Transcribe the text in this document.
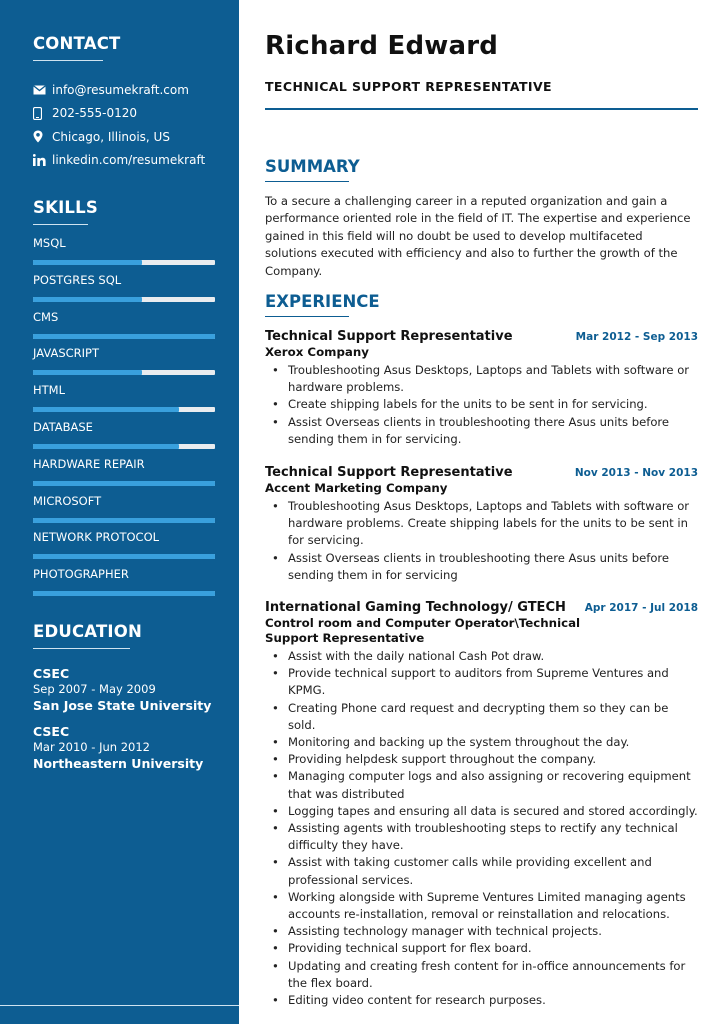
CONTACT
info@resumekraft.com
202-555-0120
Chicago, Illinois, US
linkedin.com/resumekraft
SKILLS
MSQL
POSTGRES SQL
CMS
JAVASCRIPT
HTML
DATABASE
HARDWARE REPAIR
MICROSOFT
NETWORK PROTOCOL
PHOTOGRAPHER
EDUCATION
CSEC
Sep 2007 - May 2009
San Jose State University
CSEC
Mar 2010 - Jun 2012
Northeastern University
Richard Edward
TECHNICAL SUPPORT REPRESENTATIVE
SUMMARY
To a secure a challenging career in a reputed organization and gain a performance oriented role in the field of IT. The expertise and experience gained in this field will no doubt be used to develop multifaceted solutions executed with efficiency and also to further the growth of the Company.
EXPERIENCE
Technical Support Representative	Mar 2012 - Sep 2013
Xerox Company
• Troubleshooting Asus Desktops, Laptops and Tablets with software or hardware problems.
• Create shipping labels for the units to be sent in for servicing.
• Assist Overseas clients in troubleshooting there Asus units before sending them in for servicing.
Technical Support Representative	Nov 2013 - Nov 2013
Accent Marketing Company
• Troubleshooting Asus Desktops, Laptops and Tablets with software or hardware problems. Create shipping labels for the units to be sent in for servicing.
• Assist Overseas clients in troubleshooting there Asus units before sending them in for servicing
International Gaming Technology/ GTECH Apr 2017 - Jul 2018
Control room and Computer Operator\Technical Support Representative
• Assist with the daily national Cash Pot draw.
• Provide technical support to auditors from Supreme Ventures and KPMG.
• Creating Phone card request and decrypting them so they can be sold.
• Monitoring and backing up the system throughout the day.
• Providing helpdesk support throughout the company.
• Managing computer logs and also assigning or recovering equipment that was distributed
• Logging tapes and ensuring all data is secured and stored accordingly.
• Assisting agents with troubleshooting steps to rectify any technical difficulty they have.
• Assist with taking customer calls while providing excellent and professional services.
• Working alongside with Supreme Ventures Limited managing agents accounts re-installation, removal or reinstallation and relocations.
• Assisting technology manager with technical projects.
• Providing technical support for flex board.
• Updating and creating fresh content for in-office announcements for the flex board.
• Editing video content for research purposes.
